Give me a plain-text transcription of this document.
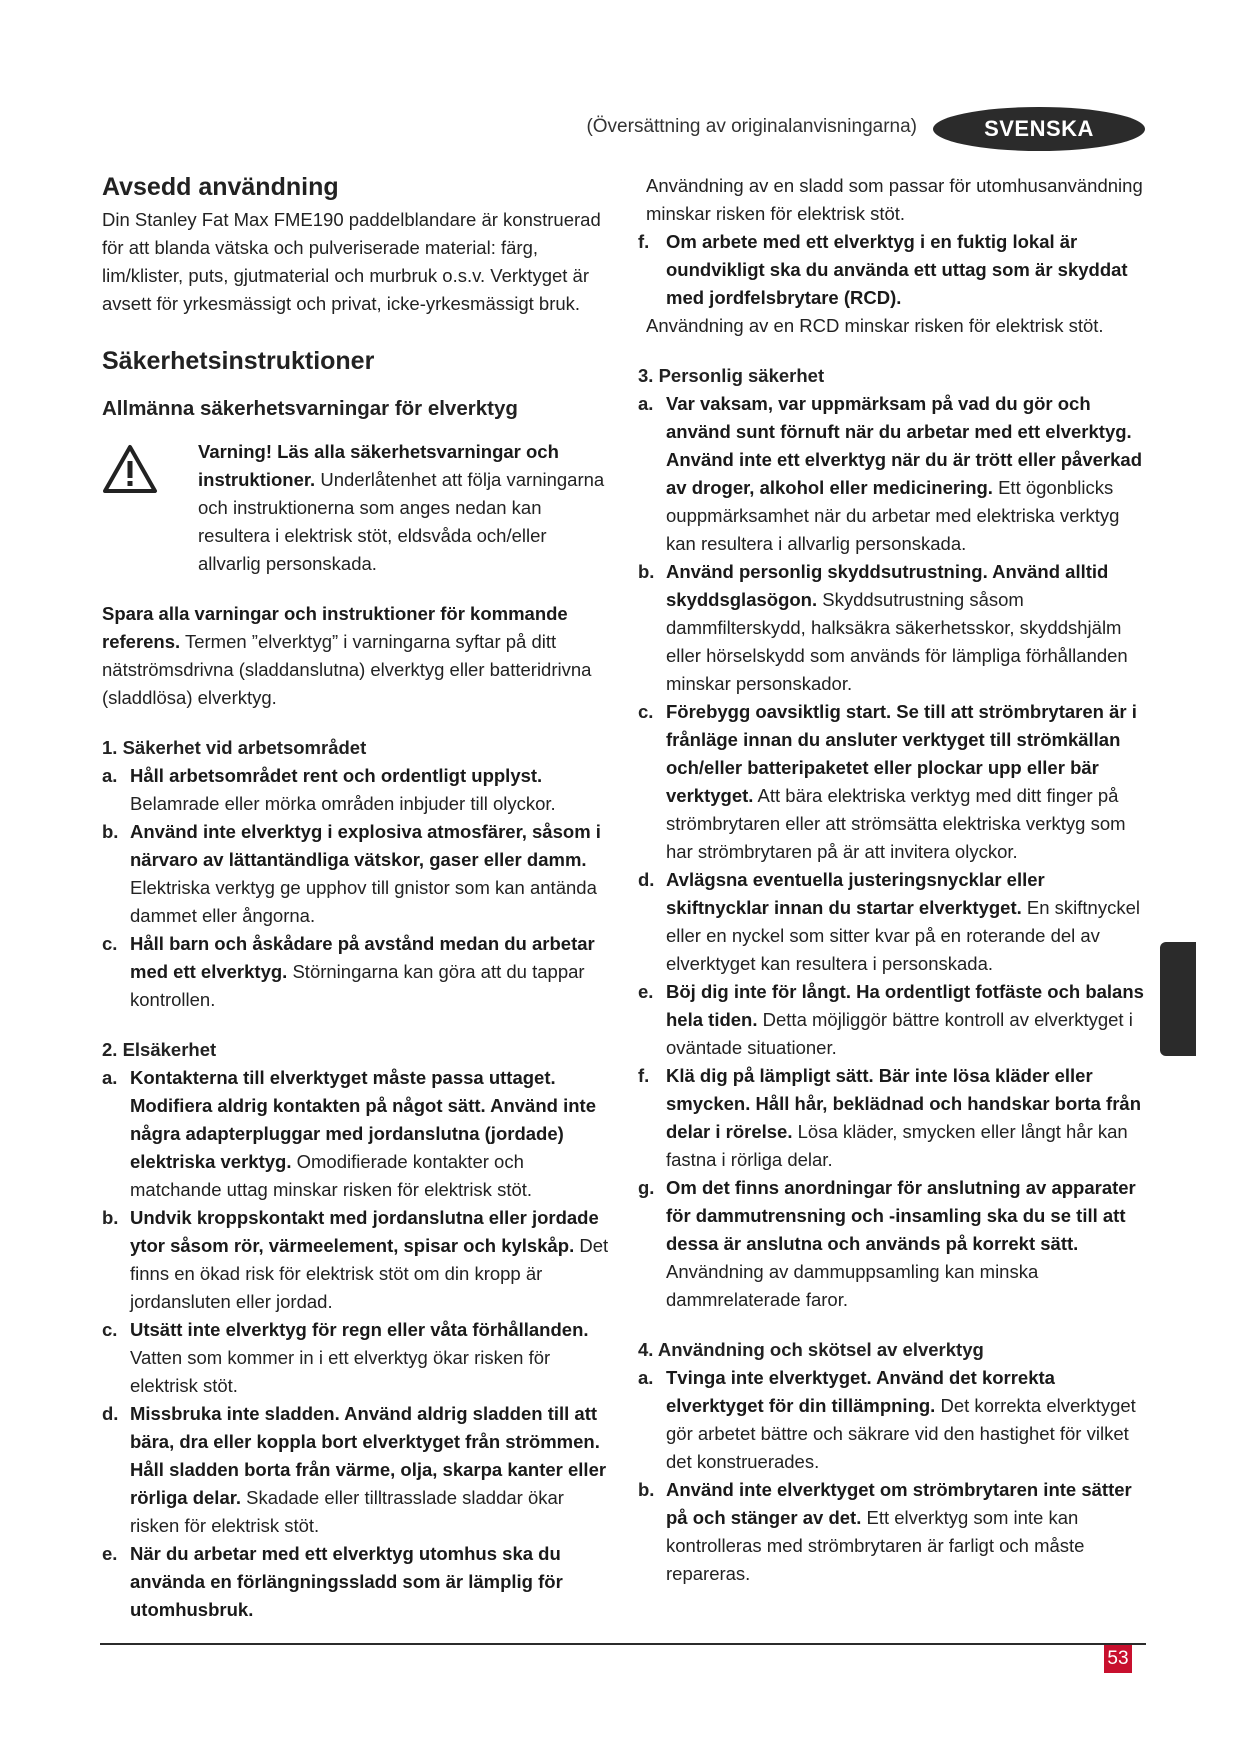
(Översättning av originalanvisningarna)	SVENSKA
Avsedd användning

Din Stanley Fat Max FME190 paddelblandare är konstruerad för att blanda vätska och pulveriserade material: färg, lim/klister, puts, gjutmaterial och murbruk o.s.v. Verktyget är avsett för yrkesmässigt och privat, icke-yrkesmässigt bruk.

Säkerhetsinstruktioner
Allmänna säkerhetsvarningar för elverktyg
Varning! Läs alla säkerhetsvarningar och instruktioner. Underlåtenhet att följa varningarna och instruktionerna som anges nedan kan resultera i elektrisk stöt, eldsvåda och/eller allvarlig personskada.

Spara alla varningar och instruktioner för kommande referens. Termen ”elverktyg” i varningarna syftar på ditt nätströmsdrivna (sladdanslutna) elverktyg eller batteridrivna (sladdlösa) elverktyg.

1. Säkerhet vid arbetsområdet
a. Håll arbetsområdet rent och ordentligt upplyst. Belamrade eller mörka områden inbjuder till olyckor.
b. Använd inte elverktyg i explosiva atmosfärer, såsom i närvaro av lättantändliga vätskor, gaser eller damm. Elektriska verktyg ge upphov till gnistor som kan antända dammet eller ångorna.
c. Håll barn och åskådare på avstånd medan du arbetar med ett elverktyg. Störningarna kan göra att du tappar kontrollen.
2. Elsäkerhet
a. Kontakterna till elverktyget måste passa uttaget. Modifiera aldrig kontakten på något sätt. Använd inte några adapterpluggar med jordanslutna (jordade) elektriska verktyg. Omodifierade kontakter och matchande uttag minskar risken för elektrisk stöt.
b. Undvik kroppskontakt med jordanslutna eller jordade ytor såsom rör, värmeelement, spisar och kylskåp. Det finns en ökad risk för elektrisk stöt om din kropp är jordansluten eller jordad.
c. Utsätt inte elverktyg för regn eller våta förhållanden. Vatten som kommer in i ett elverktyg ökar risken för elektrisk stöt.
d. Missbruka inte sladden. Använd aldrig sladden till att bära, dra eller koppla bort elverktyget från strömmen. Håll sladden borta från värme, olja, skarpa kanter eller rörliga delar. Skadade eller tilltrasslade sladdar ökar risken för elektrisk stöt.
e. När du arbetar med ett elverktyg utomhus ska du använda en förlängningssladd som är lämplig för utomhusbruk.

Användning av en sladd som passar för utomhusanvändning minskar risken för elektrisk stöt.

f. Om arbete med ett elverktyg i en fuktig lokal är oundvikligt ska du använda ett uttag som är skyddat med jordfelsbrytare (RCD).

Användning av en RCD minskar risken för elektrisk stöt.

3. Personlig säkerhet
a. Var vaksam, var uppmärksam på vad du gör och använd sunt förnuft när du arbetar med ett elverktyg. Använd inte ett elverktyg när du är trött eller påverkad av droger, alkohol eller medicinering. Ett ögonblicks ouppmärksamhet när du arbetar med elektriska verktyg kan resultera i allvarlig personskada.
b. Använd personlig skyddsutrustning. Använd alltid skyddsglasögon. Skyddsutrustning såsom dammfilterskydd, halksäkra säkerhetsskor, skyddshjälm eller hörselskydd som används för lämpliga förhållanden minskar personskador.
c. Förebygg oavsiktlig start. Se till att strömbrytaren är i frånläge innan du ansluter verktyget till strömkällan och/eller batteripaketet eller plockar upp eller bär verktyget. Att bära elektriska verktyg med ditt finger på strömbrytaren eller att strömsätta elektriska verktyg som har strömbrytaren på är att invitera olyckor.
d. Avlägsna eventuella justeringsnycklar eller skiftnycklar innan du startar elverktyget. En skiftnyckel eller en nyckel som sitter kvar på en roterande del av elverktyget kan resultera i personskada.
e. Böj dig inte för långt. Ha ordentligt fotfäste och balans hela tiden. Detta möjliggör bättre kontroll av elverktyget i oväntade situationer.
f. Klä dig på lämpligt sätt. Bär inte lösa kläder eller smycken. Håll hår, beklädnad och handskar borta från delar i rörelse. Lösa kläder, smycken eller långt hår kan fastna i rörliga delar.
g. Om det finns anordningar för anslutning av apparater för dammutrensning och -insamling ska du se till att dessa är anslutna och används på korrekt sätt. Användning av dammuppsamling kan minska dammrelaterade faror.
4. Användning och skötsel av elverktyg
a. Tvinga inte elverktyget. Använd det korrekta elverktyget för din tillämpning. Det korrekta elverktyget gör arbetet bättre och säkrare vid den hastighet för vilket det konstruerades.
b. Använd inte elverktyget om strömbrytaren inte sätter på och stänger av det. Ett elverktyg som inte kan kontrolleras med strömbrytaren är farligt och måste repareras.
53
